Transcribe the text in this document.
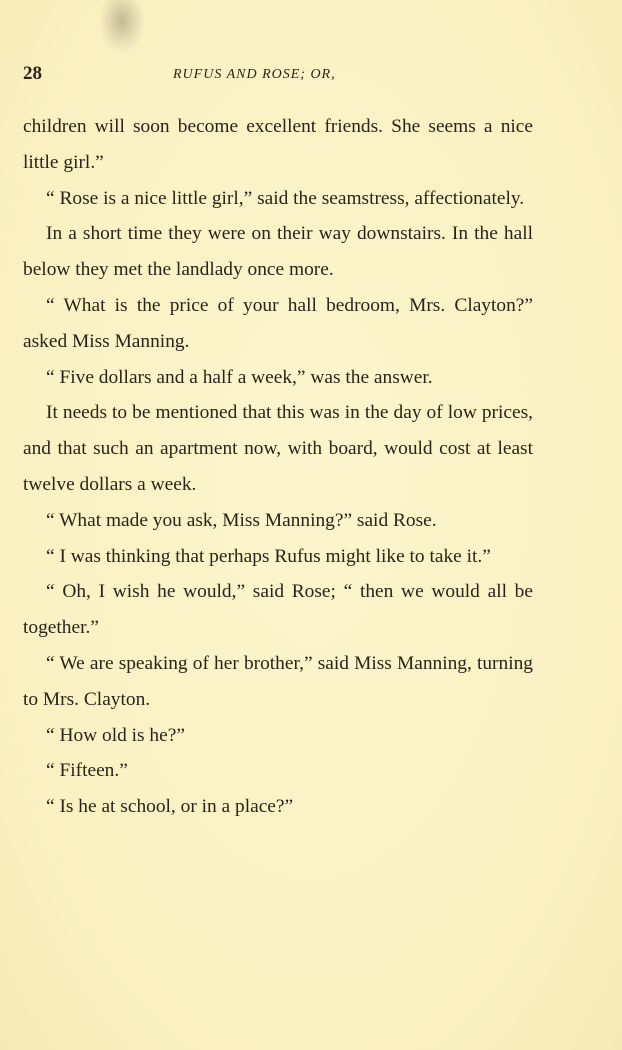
28	RUFUS AND ROSE; OR,

children will soon become excellent friends. She seems a nice little girl.”

“ Rose is a nice little girl,” said the seamstress, affectionately.

In a short time they were on their way downstairs. In the hall below they met the landlady once more.

“ What is the price of your hall bedroom, Mrs. Clayton?” asked Miss Manning.

“ Five dollars and a half a week,” was the answer.

It needs to be mentioned that this was in the day of low prices, and that such an apartment now, with board, would cost at least twelve dollars a week.

“ What made you ask, Miss Manning?” said Rose.

“ I was thinking that perhaps Rufus might like to take it.”

“ Oh, I wish he would,” said Rose; “ then we would all be together.”

“ We are speaking of her brother,” said Miss Manning, turning to Mrs. Clayton.

“ How old is he?”

“ Fifteen.”

“ Is he at school, or in a place?”
